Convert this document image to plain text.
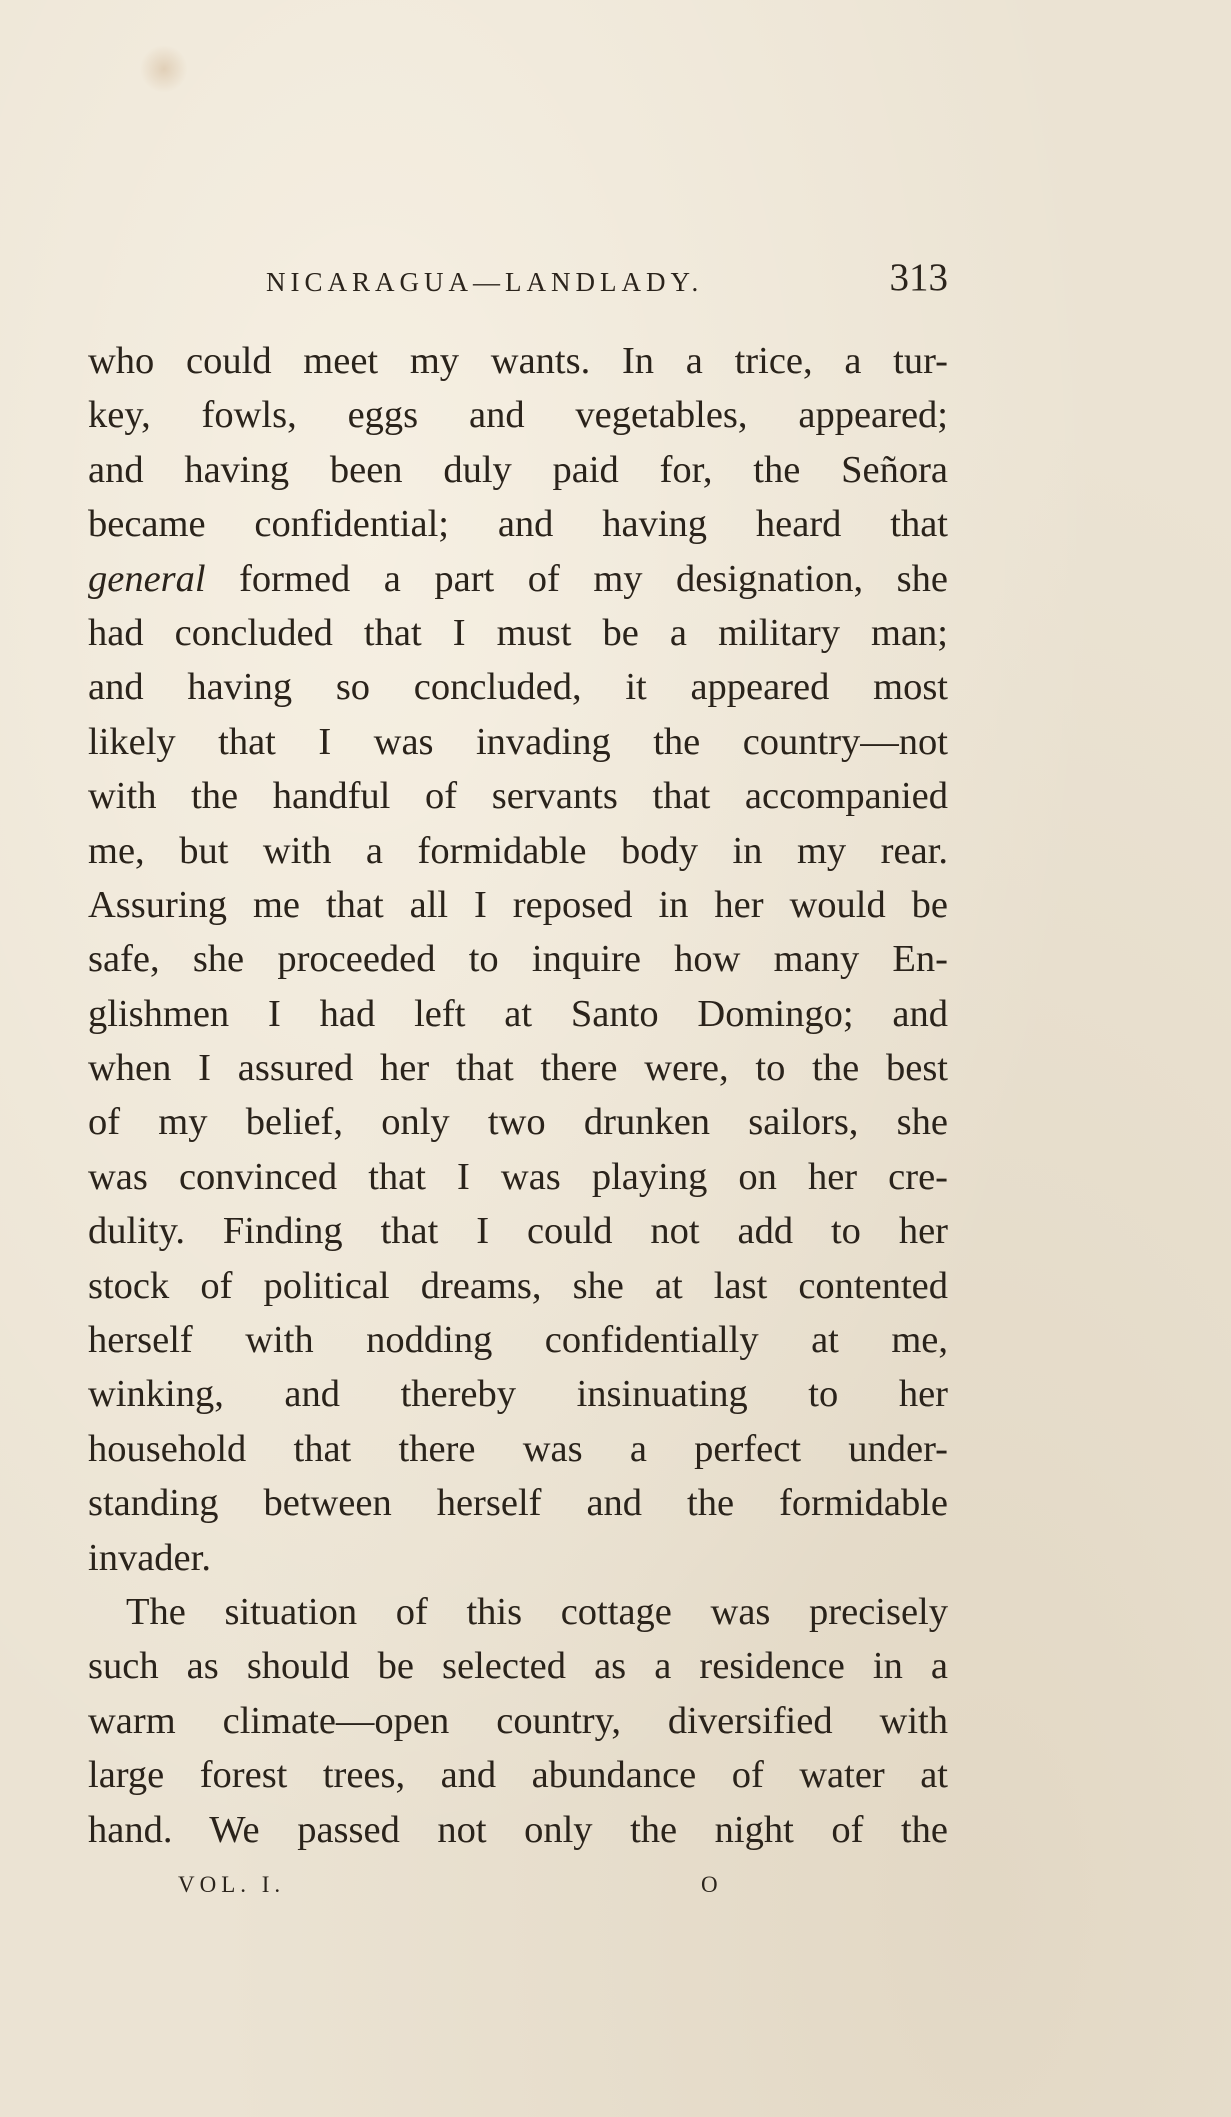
NICARAGUA—LANDLADY.	313
who could meet my wants. In a trice, a tur-
key, fowls, eggs and vegetables, appeared;
and having been duly paid for, the Señora
became confidential; and having heard that
general formed a part of my designation, she
had concluded that I must be a military man;
and having so concluded, it appeared most
likely that I was invading the country—not
with the handful of servants that accompanied
me, but with a formidable body in my rear.
Assuring me that all I reposed in her would be
safe, she proceeded to inquire how many En-
glishmen I had left at Santo Domingo; and
when I assured her that there were, to the best
of my belief, only two drunken sailors, she
was convinced that I was playing on her cre-
dulity. Finding that I could not add to her
stock of political dreams, she at last contented
herself with nodding confidentially at me,
winking, and thereby insinuating to her
household that there was a perfect under-
standing between herself and the formidable
invader.
The situation of this cottage was precisely
such as should be selected as a residence in a
warm climate—open country, diversified with
large forest trees, and abundance of water at
hand. We passed not only the night of the
VOL. I.	O
